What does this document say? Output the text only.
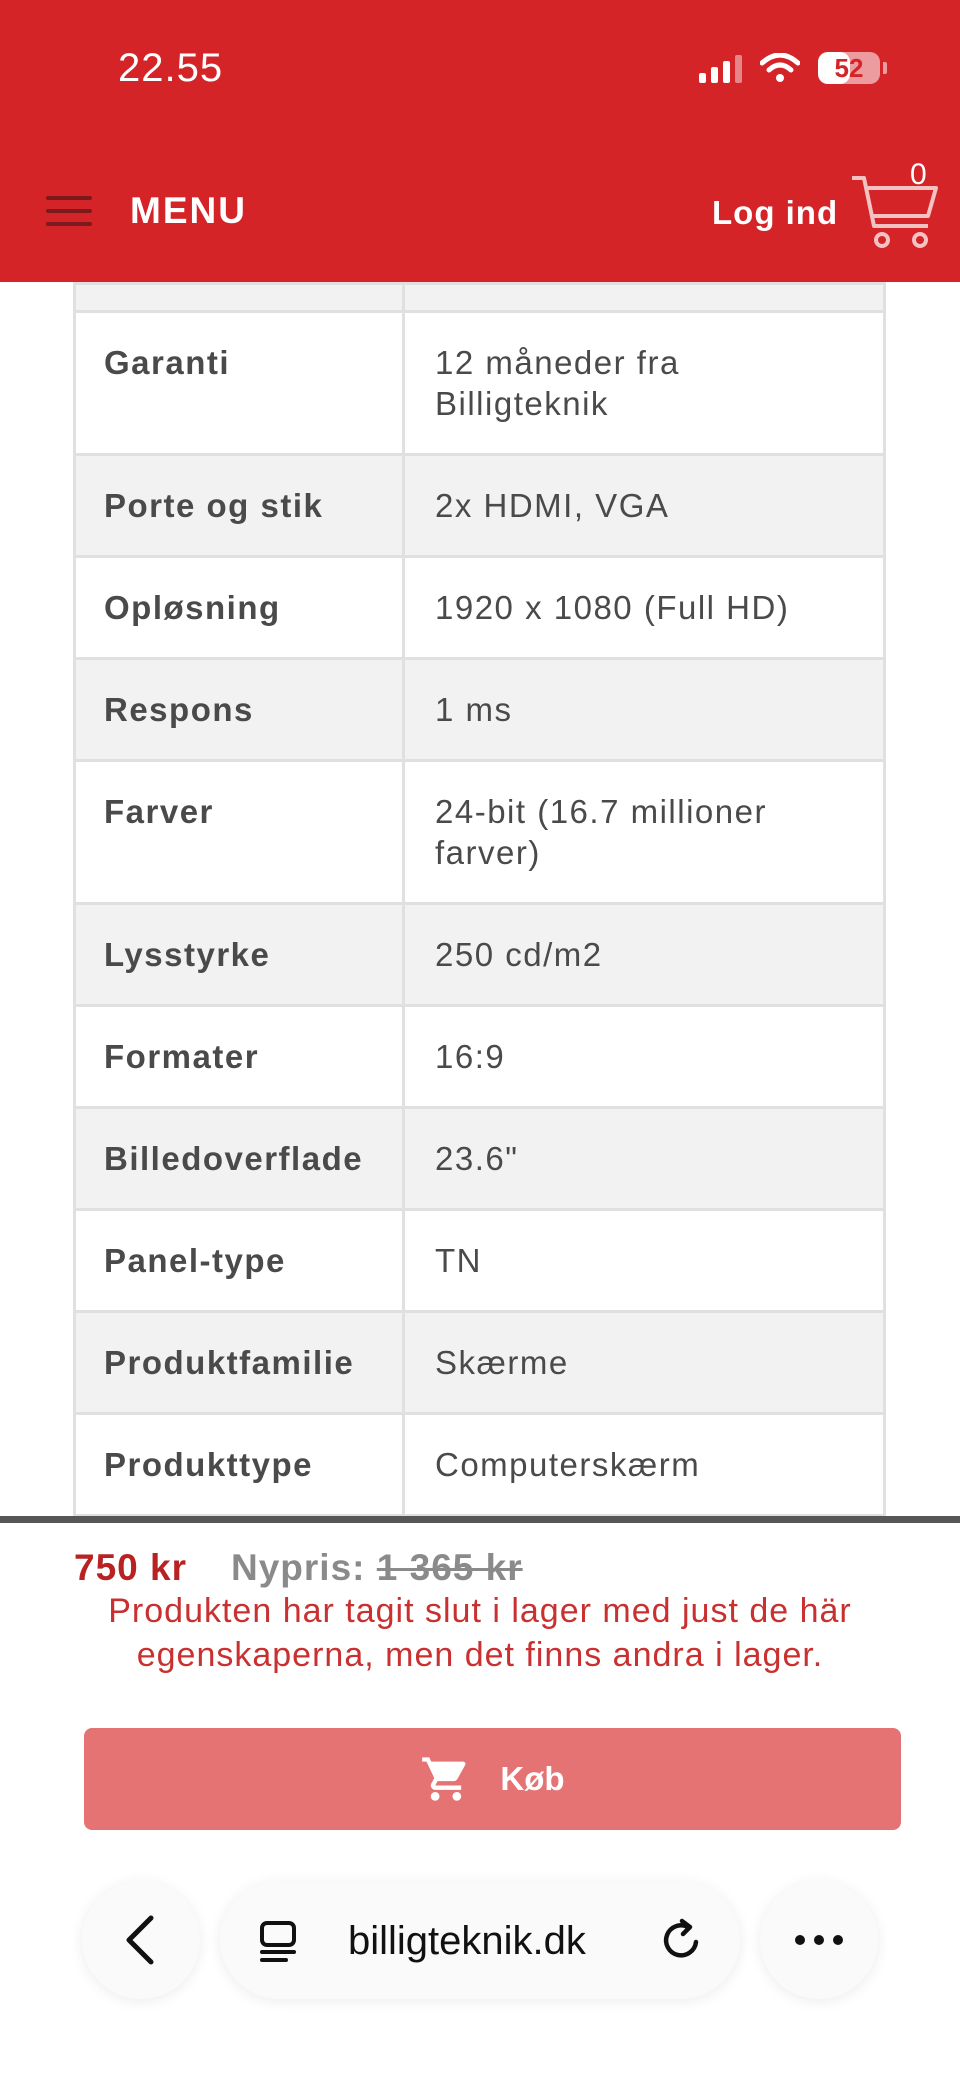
22.55	52
MENU	Log ind
0

Garanti	12 måneder fra Billigteknik
Porte og stik	2x HDMI, VGA
Opløsning	1920 x 1080 (Full HD)
Respons	1 ms
Farver	24-bit (16.7 millioner farver)
Lysstyrke	250 cd/m2
Formater	16:9
Billedoverflade	23.6"
Panel-type	TN
Produktfamilie	Skærme
Produkttype	Computerskærm
750 kr Nypris: 1 365 kr
Produkten har tagit slut i lager med just de här egenskaperna, men det finns andra i lager.
Køb
billigteknik.dk
